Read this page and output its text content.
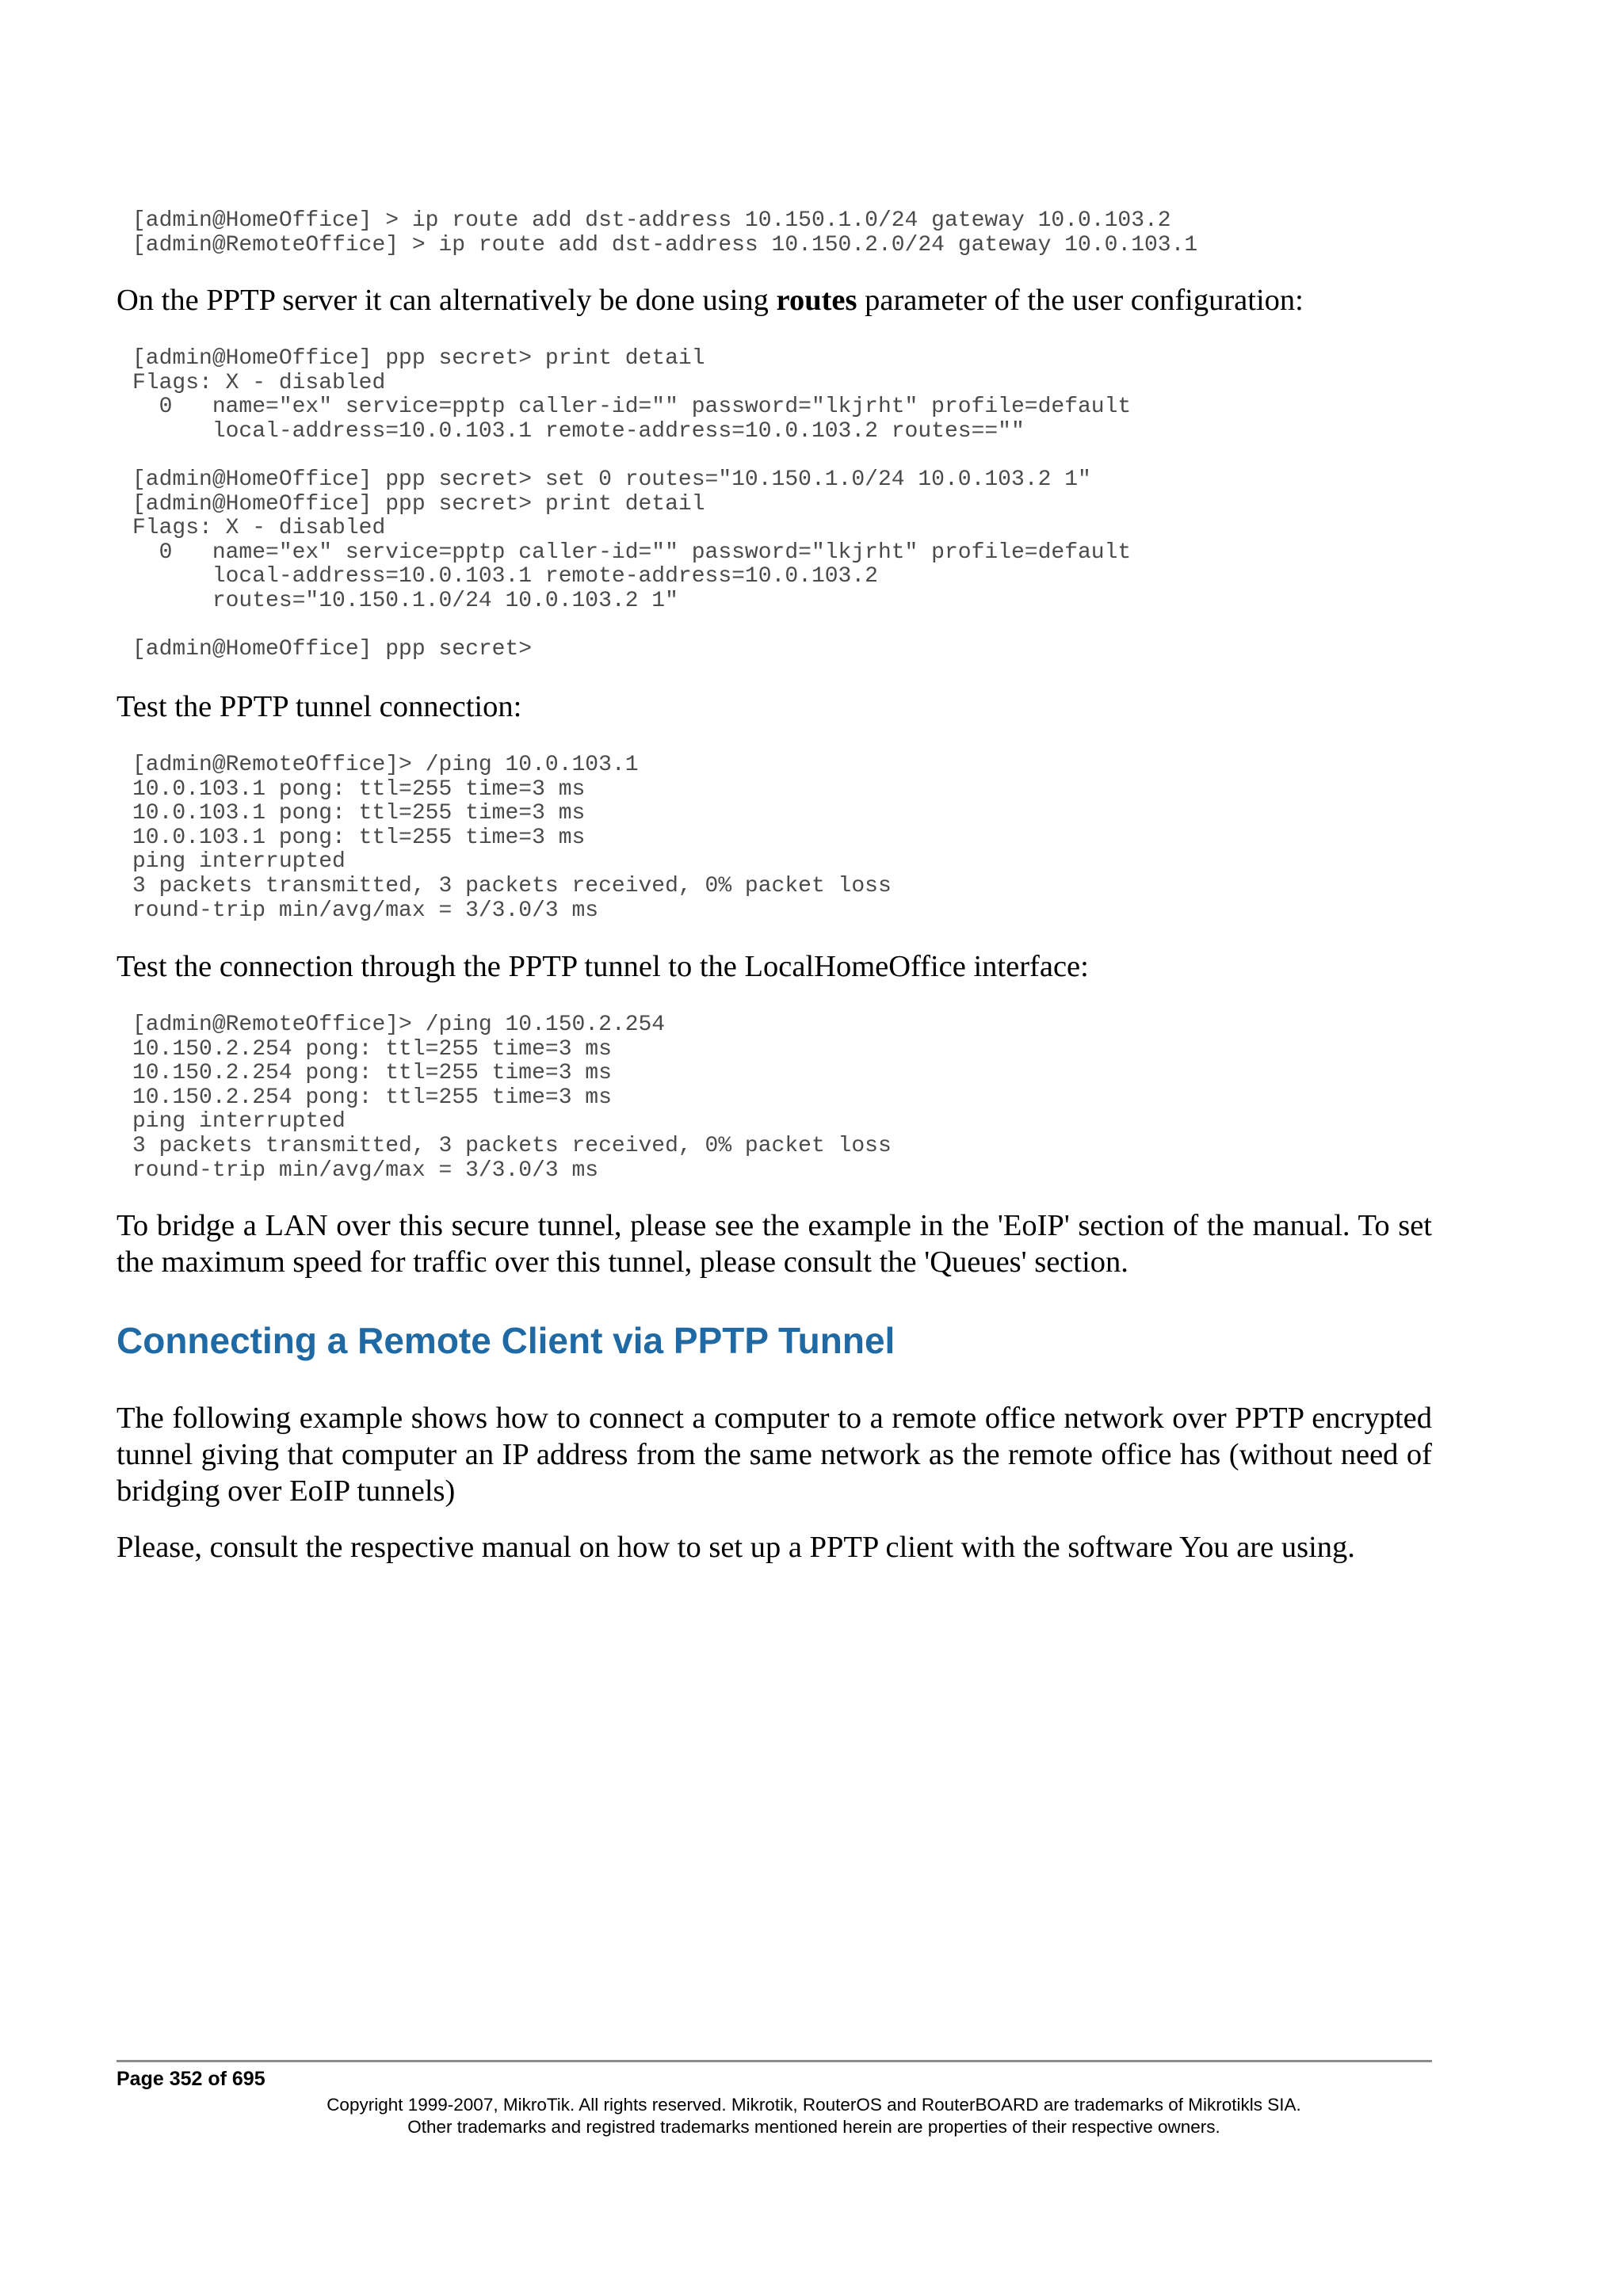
[admin@HomeOffice] > ip route add dst-address 10.150.1.0/24 gateway 10.0.103.2
[admin@RemoteOffice] > ip route add dst-address 10.150.2.0/24 gateway 10.0.103.1

On the PPTP server it can alternatively be done using routes parameter of the user configuration:

[admin@HomeOffice] ppp secret> print detail
Flags: X - disabled
0   name="ex" service=pptp caller-id="" password="lkjrht" profile=default
local-address=10.0.103.1 remote-address=10.0.103.2 routes==""

[admin@HomeOffice] ppp secret> set 0 routes="10.150.1.0/24 10.0.103.2 1"
[admin@HomeOffice] ppp secret> print detail
Flags: X - disabled
0   name="ex" service=pptp caller-id="" password="lkjrht" profile=default
local-address=10.0.103.1 remote-address=10.0.103.2
routes="10.150.1.0/24 10.0.103.2 1"

[admin@HomeOffice] ppp secret>

Test the PPTP tunnel connection:

[admin@RemoteOffice]> /ping 10.0.103.1
10.0.103.1 pong: ttl=255 time=3 ms
10.0.103.1 pong: ttl=255 time=3 ms
10.0.103.1 pong: ttl=255 time=3 ms
ping interrupted
3 packets transmitted, 3 packets received, 0% packet loss
round-trip min/avg/max = 3/3.0/3 ms

Test the connection through the PPTP tunnel to the LocalHomeOffice interface:

[admin@RemoteOffice]> /ping 10.150.2.254
10.150.2.254 pong: ttl=255 time=3 ms
10.150.2.254 pong: ttl=255 time=3 ms
10.150.2.254 pong: ttl=255 time=3 ms
ping interrupted
3 packets transmitted, 3 packets received, 0% packet loss
round-trip min/avg/max = 3/3.0/3 ms

To bridge a LAN over this secure tunnel, please see the example in the 'EoIP' section of the manual. To set the maximum speed for traffic over this tunnel, please consult the 'Queues' section.

Connecting a Remote Client via PPTP Tunnel

The following example shows how to connect a computer to a remote office network over PPTP encrypted tunnel giving that computer an IP address from the same network as the remote office has (without need of bridging over EoIP tunnels)

Please, consult the respective manual on how to set up a PPTP client with the software You are using.

Page 352 of 695
Copyright 1999-2007, MikroTik. All rights reserved. Mikrotik, RouterOS and RouterBOARD are trademarks of Mikrotikls SIA.
Other trademarks and registred trademarks mentioned herein are properties of their respective owners.
